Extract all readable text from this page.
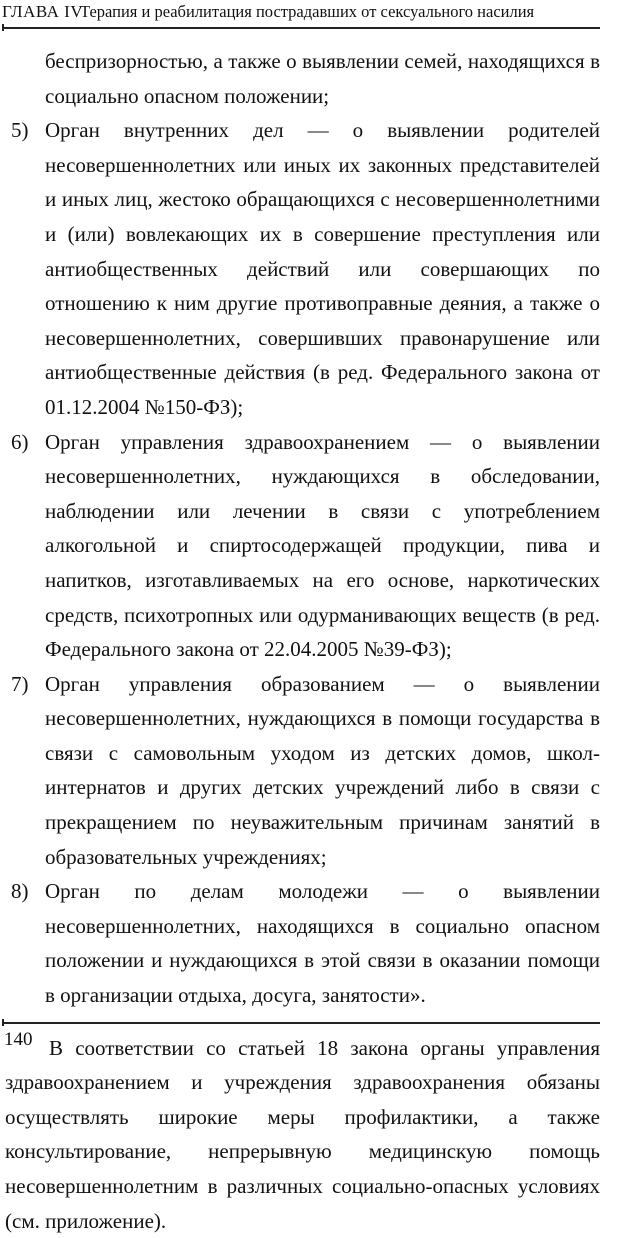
ГЛАВА IV
Терапия и реабилитация пострадавших от сексуального насилия
беспризорностью, а также о выявлении семей, находящихся в социально опасном положении;
5) Орган внутренних дел — о выявлении родителей несовершеннолетних или иных их законных представителей и иных лиц, жестоко обращающихся с несовершеннолетними и (или) вовлекающих их в совершение преступления или антиобщественных действий или совершающих по отношению к ним другие противоправные деяния, а также о несовершеннолетних, совершивших правонарушение или антиобщественные действия (в ред. Федерального закона от 01.12.2004 №150-ФЗ);
6) Орган управления здравоохранением — о выявлении несовершеннолетних, нуждающихся в обследовании, наблюдении или лечении в связи с употреблением алкогольной и спиртосодержащей продукции, пива и напитков, изготавливаемых на его основе, наркотических средств, психотропных или одурманивающих веществ (в ред. Федерального закона от 22.04.2005 №39-ФЗ);
7) Орган управления образованием — о выявлении несовершеннолетних, нуждающихся в помощи государства в связи с самовольным уходом из детских домов, школ-интернатов и других детских учреждений либо в связи с прекращением по неуважительным причинам занятий в образовательных учреждениях;
8) Орган по делам молодежи — о выявлении несовершеннолетних, находящихся в социально опасном положении и нуждающихся в этой связи в оказании помощи в организации отдыха, досуга, занятости».
В соответствии со статьей 18 закона органы управления здравоохранением и учреждения здравоохранения обязаны осуществлять широкие меры профилактики, а также консультирование, непрерывную медицинскую помощь несовершеннолетним в различных социально-опасных условиях (см. приложение).
140
